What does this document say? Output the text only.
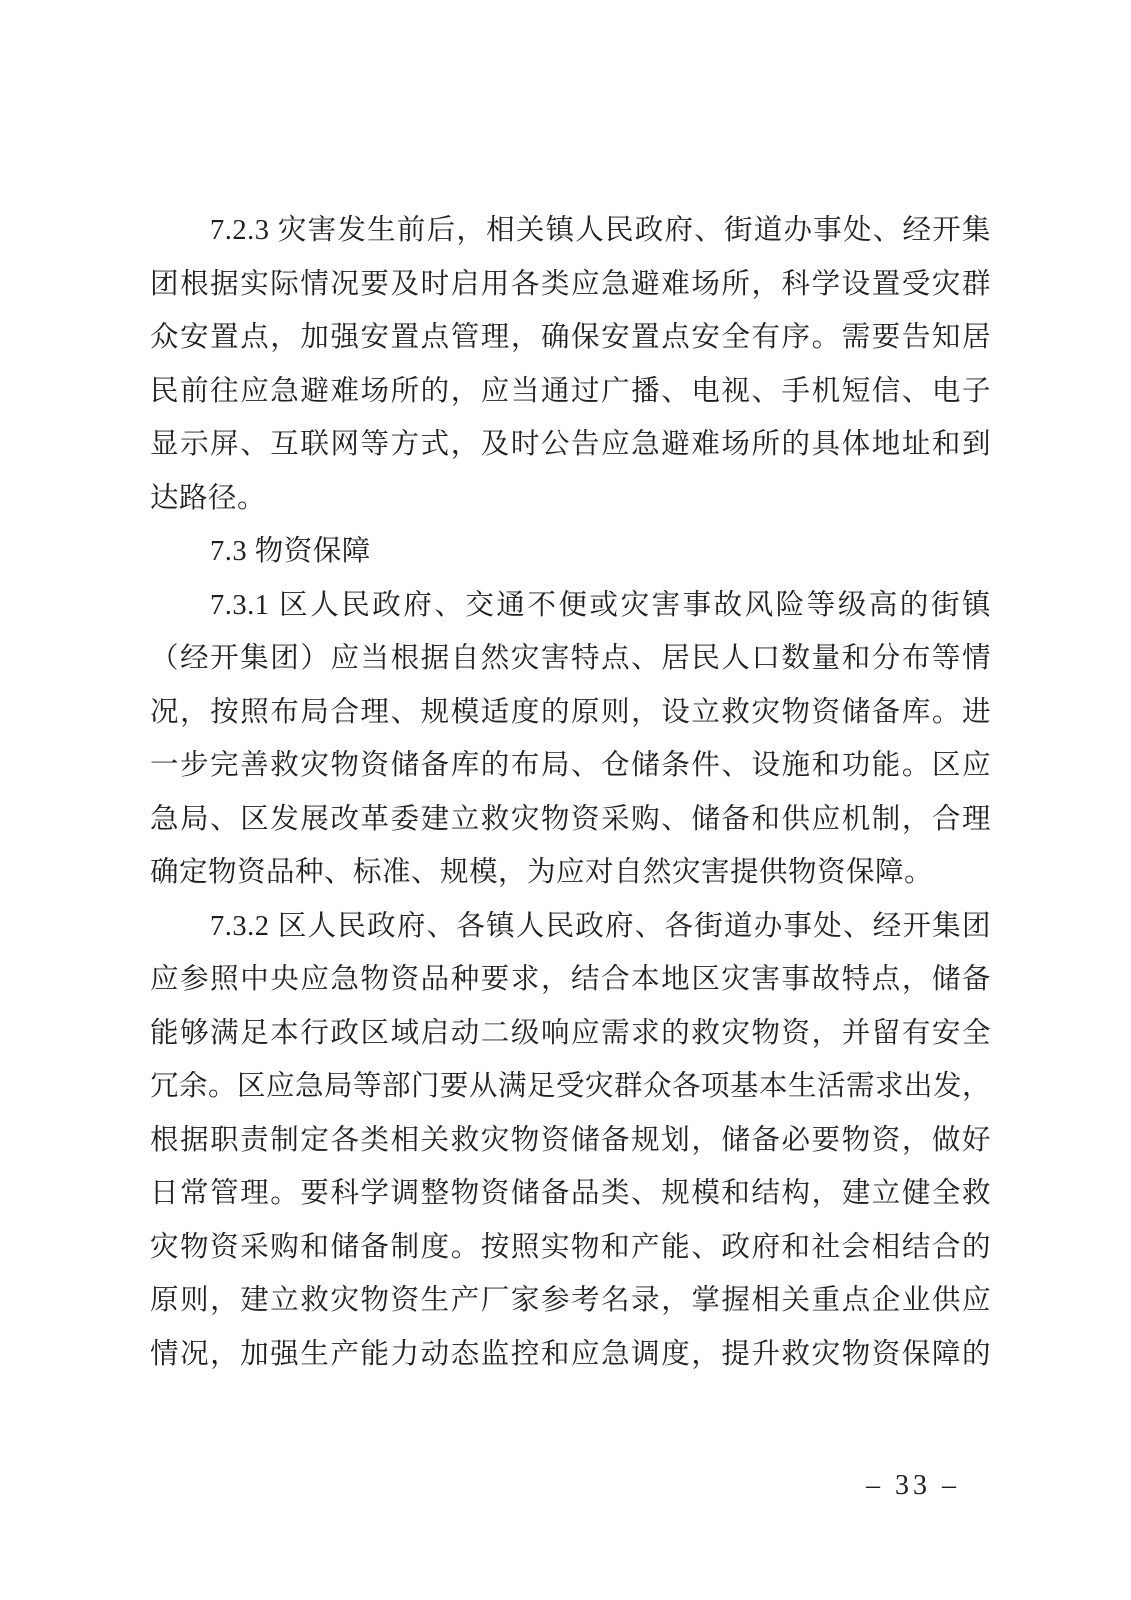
7.2.3 灾害发生前后，相关镇人民政府、街道办事处、经开集
团根据实际情况要及时启用各类应急避难场所，科学设置受灾群
众安置点，加强安置点管理，确保安置点安全有序。需要告知居
民前往应急避难场所的，应当通过广播、电视、手机短信、电子
显示屏、互联网等方式，及时公告应急避难场所的具体地址和到
达路径。
7.3 物资保障
7.3.1 区人民政府、交通不便或灾害事故风险等级高的街镇
（经开集团）应当根据自然灾害特点、居民人口数量和分布等情
况，按照布局合理、规模适度的原则，设立救灾物资储备库。进
一步完善救灾物资储备库的布局、仓储条件、设施和功能。区应
急局、区发展改革委建立救灾物资采购、储备和供应机制，合理
确定物资品种、标准、规模，为应对自然灾害提供物资保障。
7.3.2 区人民政府、各镇人民政府、各街道办事处、经开集团
应参照中央应急物资品种要求，结合本地区灾害事故特点，储备
能够满足本行政区域启动二级响应需求的救灾物资，并留有安全
冗余。区应急局等部门要从满足受灾群众各项基本生活需求出发，
根据职责制定各类相关救灾物资储备规划，储备必要物资，做好
日常管理。要科学调整物资储备品类、规模和结构，建立健全救
灾物资采购和储备制度。按照实物和产能、政府和社会相结合的
原则，建立救灾物资生产厂家参考名录，掌握相关重点企业供应
情况，加强生产能力动态监控和应急调度，提升救灾物资保障的
– 33 –
